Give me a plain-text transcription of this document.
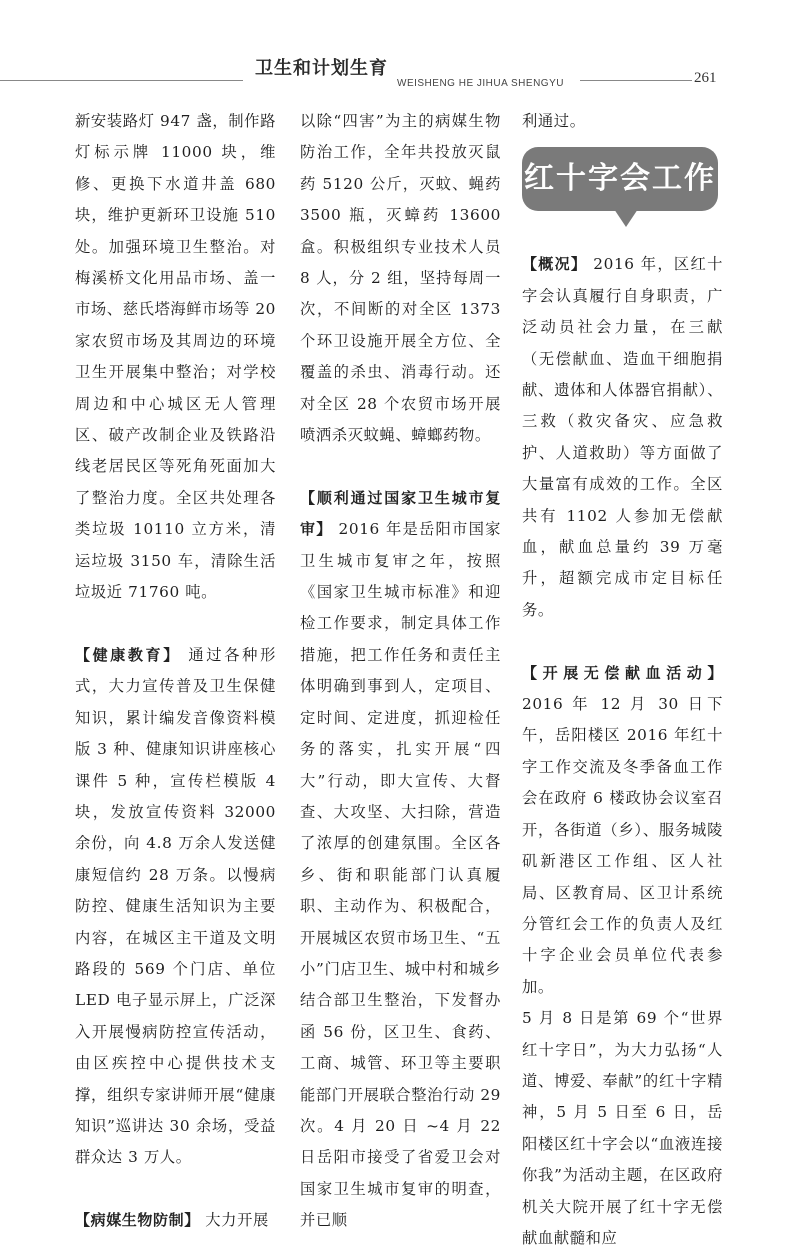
卫生和计划生育
WEISHENG HE JIHUA SHENGYU	261

新安装路灯 947 盏，制作路灯标示牌 11000 块，维修、更换下水道井盖 680 块，维护更新环卫设施 510 处。加强环境卫生整治。对梅溪桥文化用品市场、盖一市场、慈氏塔海鲜市场等 20 家农贸市场及其周边的环境卫生开展集中整治；对学校周边和中心城区无人管理区、破产改制企业及铁路沿线老居民区等死角死面加大了整治力度。全区共处理各类垃圾 10110 立方米，清运垃圾 3150 车，清除生活垃圾近 71760 吨。

【健康教育】 通过各种形式，大力宣传普及卫生保健知识，累计编发音像资料模版 3 种、健康知识讲座核心课件 5 种，宣传栏模版 4 块，发放宣传资料 32000 余份，向 4.8 万余人发送健康短信约 28 万条。以慢病防控、健康生活知识为主要内容，在城区主干道及文明路段的 569 个门店、单位 LED 电子显示屏上，广泛深入开展慢病防控宣传活动，由区疾控中心提供技术支撑，组织专家讲师开展“健康知识”巡讲达 30 余场，受益群众达 3 万人。

【病媒生物防制】 大力开展

以除“四害”为主的病媒生物防治工作，全年共投放灭鼠药 5120 公斤，灭蚊、蝇药 3500 瓶，灭蟑药 13600 盒。积极组织专业技术人员 8 人，分 2 组，坚持每周一次，不间断的对全区 1373 个环卫设施开展全方位、全覆盖的杀虫、消毒行动。还对全区 28 个农贸市场开展喷洒杀灭蚊蝇、蟑螂药物。

【顺利通过国家卫生城市复审】 2016 年是岳阳市国家卫生城市复审之年，按照《国家卫生城市标准》和迎检工作要求，制定具体工作措施，把工作任务和责任主体明确到事到人，定项目、定时间、定进度，抓迎检任务的落实，扎实开展“四大”行动，即大宣传、大督查、大攻坚、大扫除，营造了浓厚的创建氛围。全区各乡、街和职能部门认真履职、主动作为、积极配合，开展城区农贸市场卫生、“五小”门店卫生、城中村和城乡结合部卫生整治，下发督办函 56 份，区卫生、食药、工商、城管、环卫等主要职能部门开展联合整治行动 29 次。4 月 20 日 ~4 月 22 日岳阳市接受了省爱卫会对国家卫生城市复审的明查，并已顺

利通过。

红十字会工作

【概况】 2016 年，区红十字会认真履行自身职责，广泛动员社会力量，在三献（无偿献血、造血干细胞捐献、遗体和人体器官捐献）、三救（救灾备灾、应急救护、人道救助）等方面做了大量富有成效的工作。全区共有 1102 人参加无偿献血，献血总量约 39 万毫升，超额完成市定目标任务。

【开展无偿献血活动】 2016 年 12 月 30 日下午，岳阳楼区 2016 年红十字工作交流及冬季备血工作会在政府 6 楼政协会议室召开，各街道（乡）、服务城陵矶新港区工作组、区人社局、区教育局、区卫计系统分管红会工作的负责人及红十字企业会员单位代表参加。

5 月 8 日是第 69 个“世界红十字日”，为大力弘扬“人道、博爱、奉献”的红十字精神，5 月 5 日至 6 日，岳阳楼区红十字会以“血液连接你我”为活动主题，在区政府机关大院开展了红十字无偿献血献髓和应
